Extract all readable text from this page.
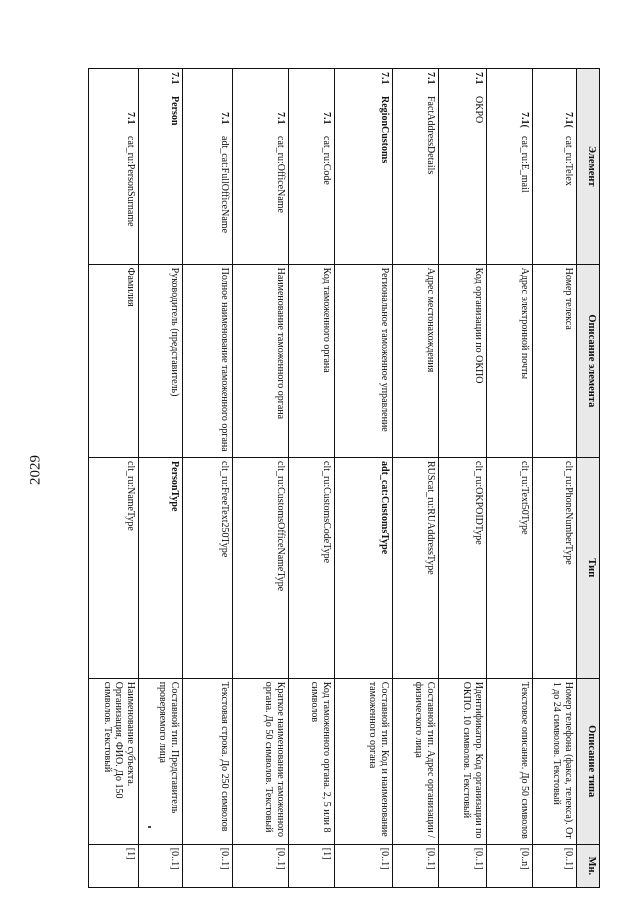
2029
Элемент	Описание элемента	Тип	Описание типа	Мн.
7.1(cat_ru:Telex	Номер телекса	clt_ru:PhoneNumberType	Номер телефона (факса, телекса). От 1 до 24 символов. Текстовый	[0..1]
7.1(cat_ru:E_mail	Адрес электронной почты	clt_ru:Text50Type	Текстовое описание. До 50 символов	[0..n]
7.1OKPO	Код организации по ОКПО	clt_ru:OKPOIDType	Идентификатор. Код организации по ОКПО. 10 символов. Текстовый	[0..1]
7.1FactAddressDetails	Адрес местонахождения	RUScat_ru:RUAddressType	Составной тип. Адрес организации / физического лица	[0..1]
7.1RegionCustoms	Региональное таможенное управление	adt_cat:CustomsType	Составной тип. Код и наименование таможенного органа	[0..1]
7.1cat_ru:Code	Код таможенного органа	clt_ru:CustomsCodeType	Код таможенного органа. 2, 5 или 8 символов	[1]
7.1cat_ru:OfficeName	Наименование таможенного органа	clt_ru:CustomsOfficeNameType	Краткое наименование таможенного органа. До 50 символов. Текстовый	[0..1]
7.1adt_cat:FullOfficeName	Полное наименование таможенного органа	clt_ru:FreeText250Type	Текстовая строка. До 250 символов	[0..1]
7.1Person	Руководитель (представитель)	PersonType	Составной тип. Представитель проверяемого лица	[0..1]
7.1cat_ru:PersonSurname	Фамилия	clt_ru:NameType	Наименование субъекта. Организация, ФИО. До 150 символов. Текстовый	[1]
